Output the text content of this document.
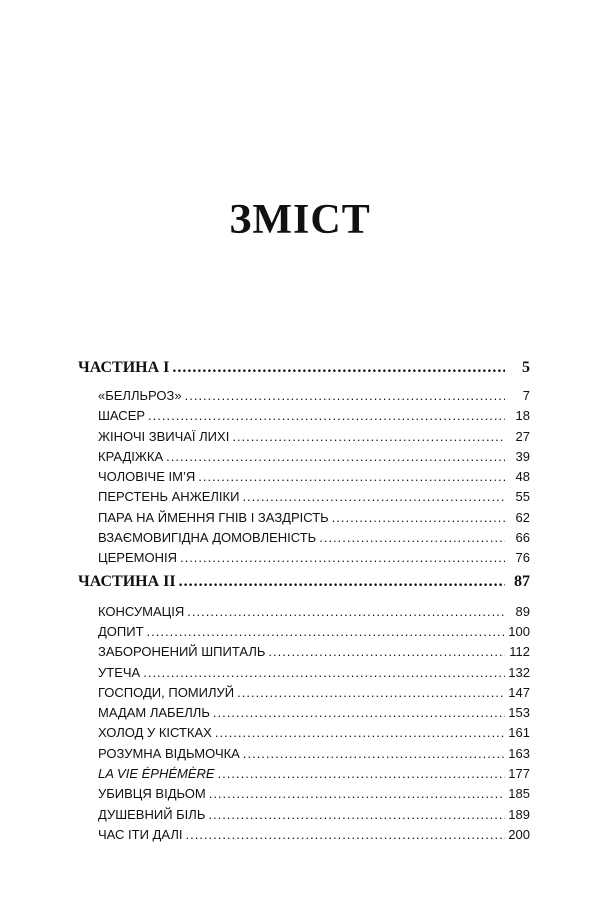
ЗМІСТ
ЧАСТИНА І .....	5
«БЕЛЛЬРОЗ» .....	7
ШАСЕР .....	18
ЖІНОЧІ ЗВИЧАЇ ЛИХІ .....	27
КРАДІЖКА .....	39
ЧОЛОВІЧЕ ІМ’Я .....	48
ПЕРСТЕНЬ АНЖЕЛІКИ .....	55
ПАРА НА ЙМЕННЯ ГНІВ І ЗАЗДРІСТЬ .....	62
ВЗАЄМОВИГІДНА ДОМОВЛЕНІСТЬ .....	66
ЦЕРЕМОНІЯ .....	76
ЧАСТИНА ІІ .....	87
КОНСУМАЦІЯ .....	89
ДОПИТ .....	100
ЗАБОРОНЕНИЙ ШПИТАЛЬ .....	112
УТЕЧА .....	132
ГОСПОДИ, ПОМИЛУЙ .....	147
МАДАМ ЛАБЕЛЛЬ .....	153
ХОЛОД У КІСТКАХ .....	161
РОЗУМНА ВІДЬМОЧКА .....	163
LA VIE ÉPHÉMÈRE .....	177
УБИВЦЯ ВІДЬОМ .....	185
ДУШЕВНИЙ БІЛЬ .....	189
ЧАС ІТИ ДАЛІ .....	200
